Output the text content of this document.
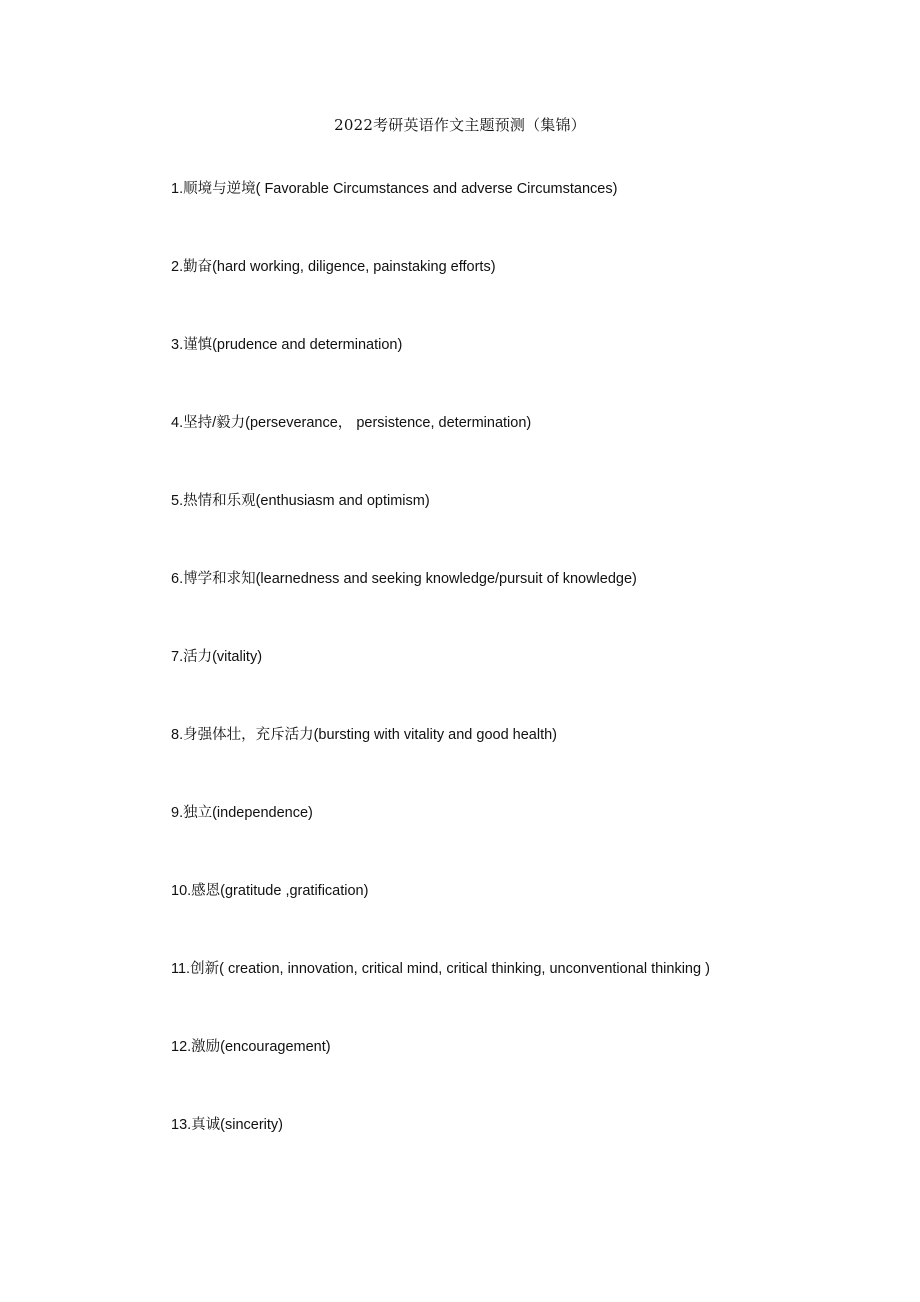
2022考研英语作文主题预测（集锦）
1.顺境与逆境( Favorable Circumstances and adverse Circumstances)
2.勤奋(hard working, diligence, painstaking efforts)
3.谨慎(prudence and determination)
4.坚持/毅力(perseverance， persistence, determination)
5.热情和乐观(enthusiasm and optimism)
6.博学和求知(learnedness and seeking knowledge/pursuit of knowledge)
7.活力(vitality)
8.身强体壮，充斥活力(bursting with vitality and good health)
9.独立(independence)
10.感恩(gratitude ,gratification)
11.创新( creation, innovation, critical mind, critical thinking, unconventional thinking )
12.激励(encouragement)
13.真诚(sincerity)
